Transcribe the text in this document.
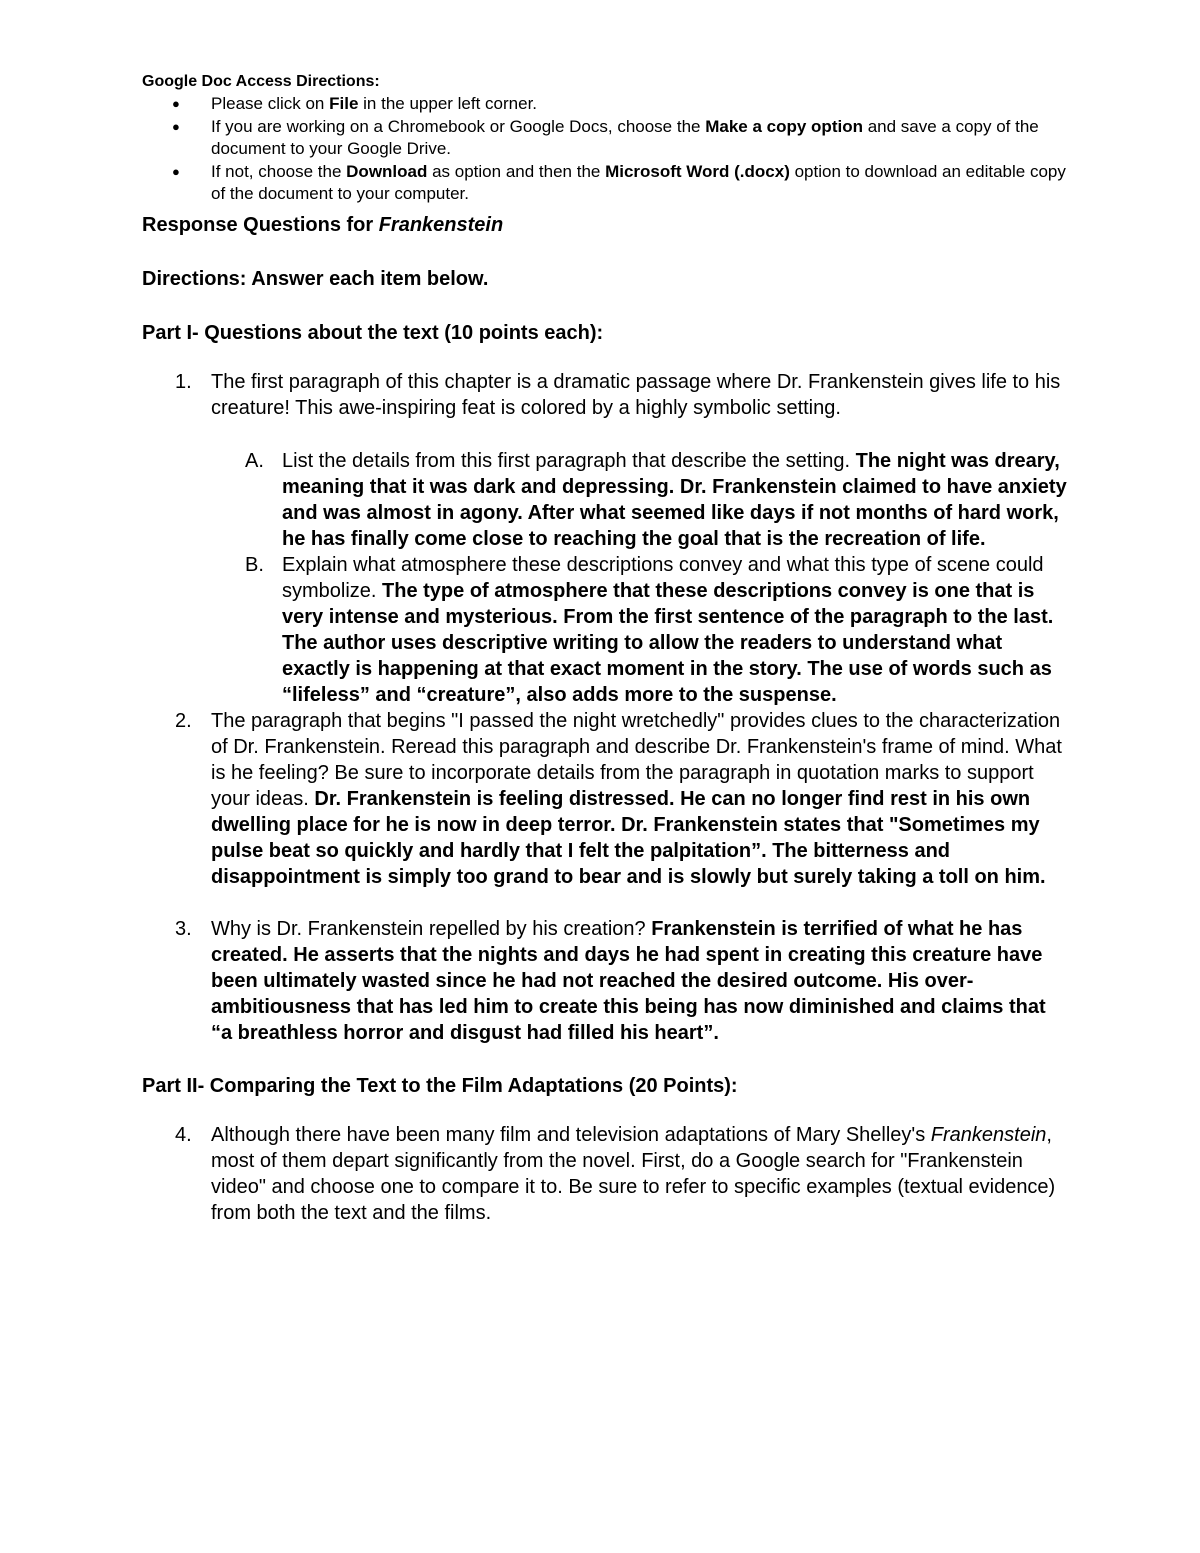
Google Doc Access Directions:

● Please click on File in the upper left corner.
● If you are working on a Chromebook or Google Docs, choose the Make a copy option and save a copy of the document to your Google Drive.
● If not, choose the Download as option and then the Microsoft Word (.docx) option to download an editable copy of the document to your computer.

Response Questions for Frankenstein

Directions: Answer each item below.

Part I- Questions about the text (10 points each):

1. The first paragraph of this chapter is a dramatic passage where Dr. Frankenstein gives life to his creature! This awe-inspiring feat is colored by a highly symbolic setting.
A. List the details from this first paragraph that describe the setting. The night was dreary, meaning that it was dark and depressing. Dr. Frankenstein claimed to have anxiety and was almost in agony. After what seemed like days if not months of hard work, he has finally come close to reaching the goal that is the recreation of life.
B. Explain what atmosphere these descriptions convey and what this type of scene could symbolize. The type of atmosphere that these descriptions convey is one that is very intense and mysterious. From the first sentence of the paragraph to the last. The author uses descriptive writing to allow the readers to understand what exactly is happening at that exact moment in the story. The use of words such as “lifeless” and “creature”, also adds more to the suspense.
2. The paragraph that begins "I passed the night wretchedly" provides clues to the characterization of Dr. Frankenstein. Reread this paragraph and describe Dr. Frankenstein's frame of mind. What is he feeling? Be sure to incorporate details from the paragraph in quotation marks to support your ideas. Dr. Frankenstein is feeling distressed. He can no longer find rest in his own dwelling place for he is now in deep terror. Dr. Frankenstein states that "Sometimes my pulse beat so quickly and hardly that I felt the palpitation”. The bitterness and disappointment is simply too grand to bear and is slowly but surely taking a toll on him.
3. Why is Dr. Frankenstein repelled by his creation? Frankenstein is terrified of what he has created. He asserts that the nights and days he had spent in creating this creature have been ultimately wasted since he had not reached the desired outcome. His over-ambitiousness that has led him to create this being has now diminished and claims that “a breathless horror and disgust had filled his heart”.

Part II- Comparing the Text to the Film Adaptations (20 Points):

4. Although there have been many film and television adaptations of Mary Shelley's Frankenstein, most of them depart significantly from the novel. First, do a Google search for "Frankenstein video" and choose one to compare it to. Be sure to refer to specific examples (textual evidence) from both the text and the films.
